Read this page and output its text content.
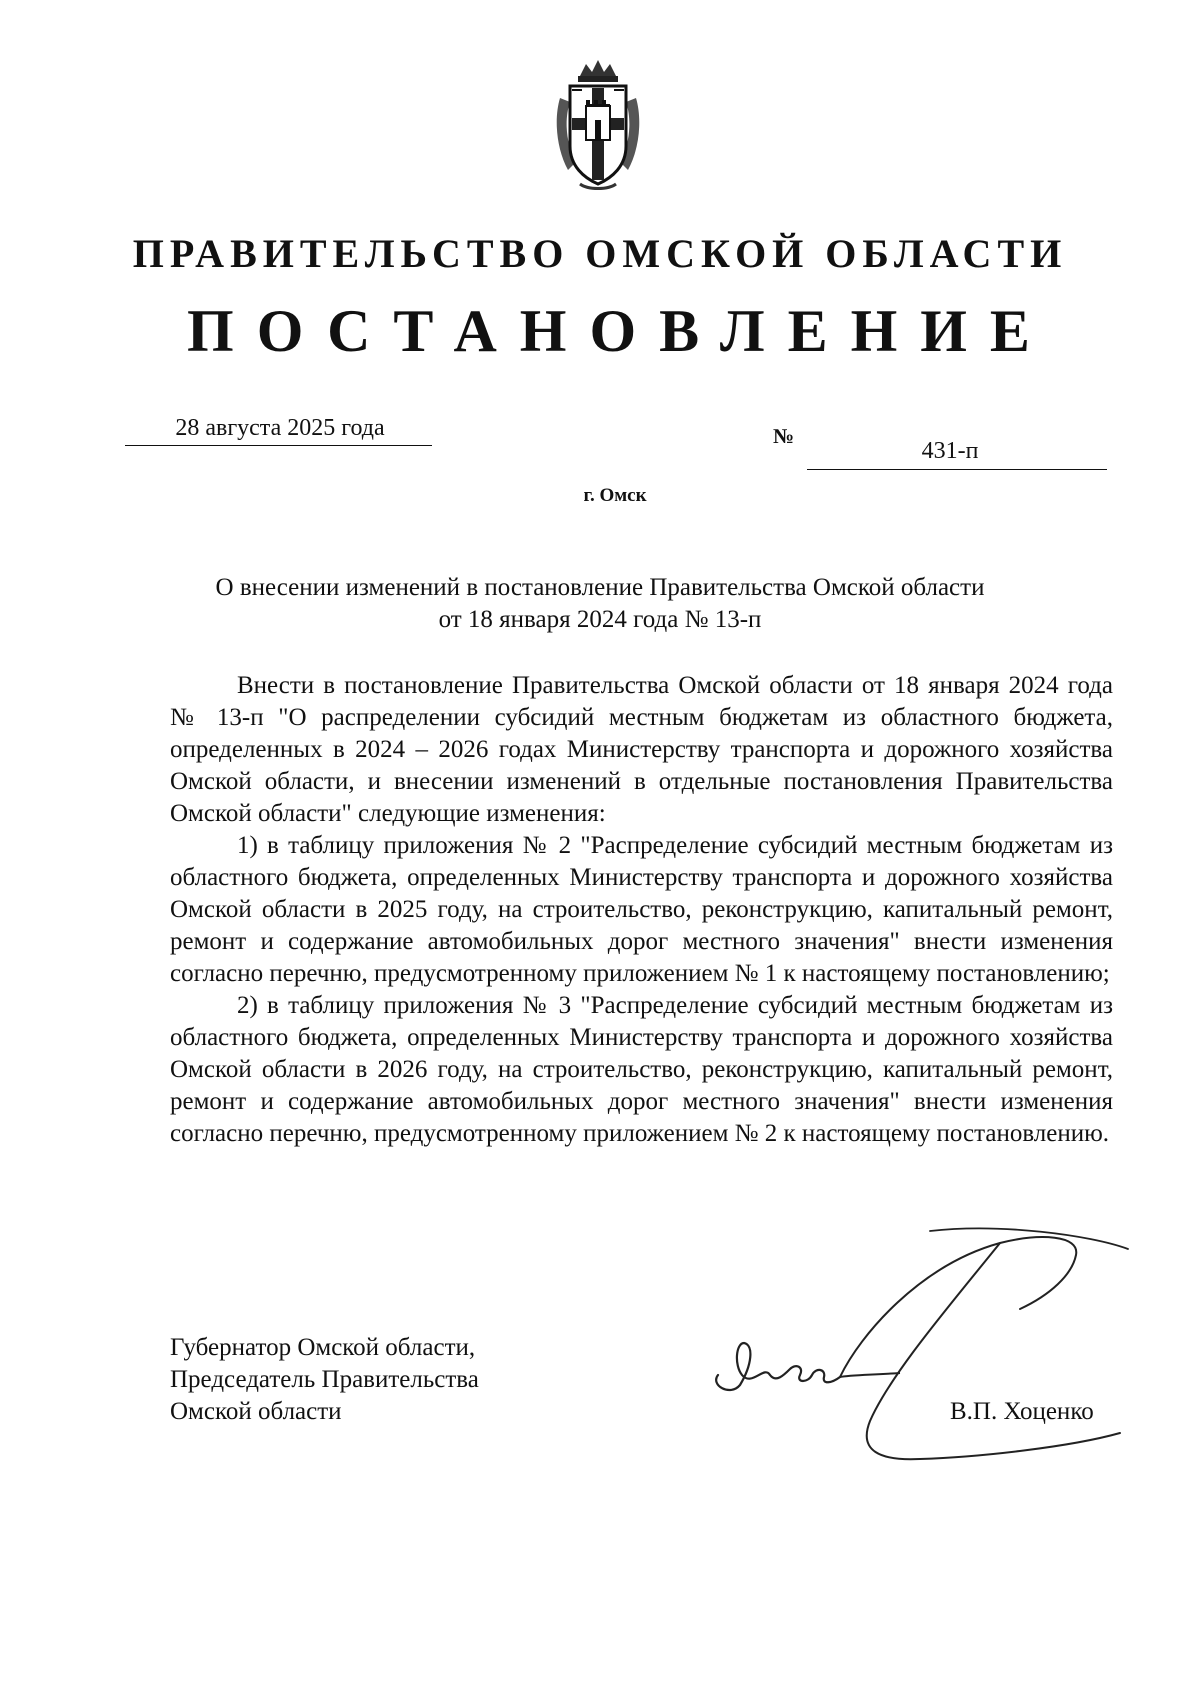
ПРАВИТЕЛЬСТВО ОМСКОЙ ОБЛАСТИ
ПОСТАНОВЛЕНИЕ
28 августа 2025 года	№
431-п
г. Омск
О внесении изменений в постановление Правительства Омской области
от 18 января 2024 года № 13-п

Внести в постановление Правительства Омской области от 18 января 2024 года № 13-п "О распределении субсидий местным бюджетам из областного бюджета, определенных в 2024 – 2026 годах Министерству транспорта и дорожного хозяйства Омской области, и внесении изменений в отдельные постановления Правительства Омской области" следующие изменения:

1) в таблицу приложения № 2 "Распределение субсидий местным бюджетам из областного бюджета, определенных Министерству транспорта и дорожного хозяйства Омской области в 2025 году, на строительство, реконструкцию, капитальный ремонт, ремонт и содержание автомобильных дорог местного значения" внести изменения согласно перечню, предусмотренному приложением № 1 к настоящему постановлению;

2) в таблицу приложения № 3 "Распределение субсидий местным бюджетам из областного бюджета, определенных Министерству транспорта и дорожного хозяйства Омской области в 2026 году, на строительство, реконструкцию, капитальный ремонт, ремонт и содержание автомобильных дорог местного значения" внести изменения согласно перечню, предусмотренному приложением № 2 к настоящему постановлению.

Губернатор Омской области,
Председатель Правительства
Омской области	В.П. Хоценко
